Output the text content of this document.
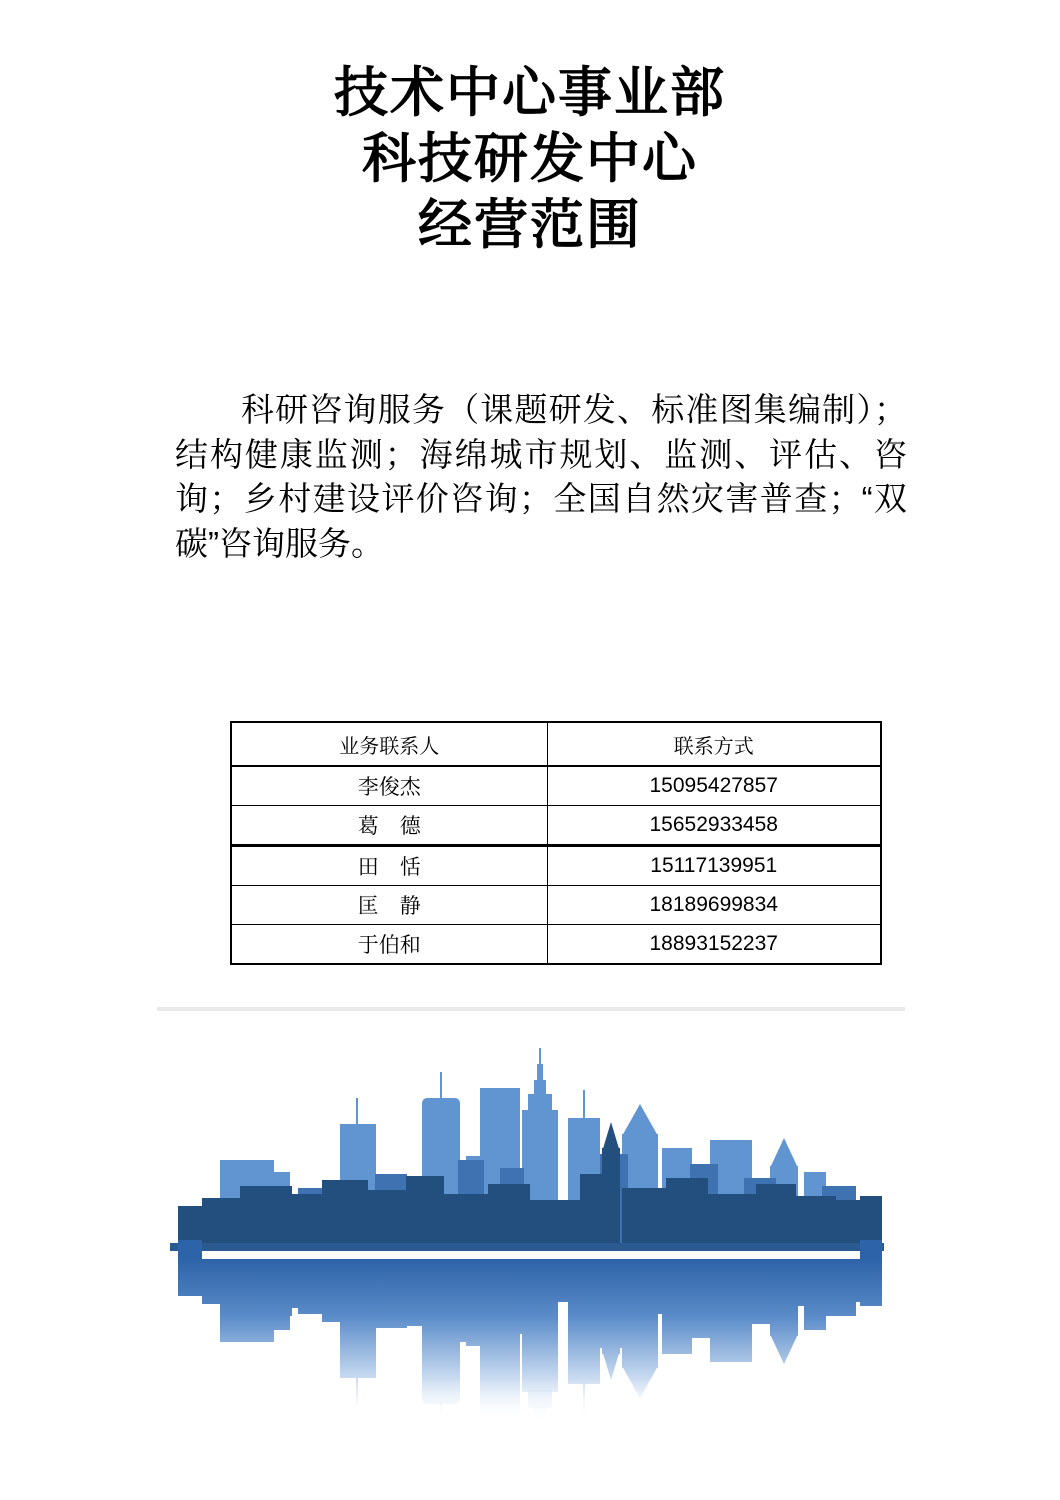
技术中心事业部
科技研发中心
经营范围

科研咨询服务（课题研发、标准图集编制）；结构健康监测；海绵城市规划、监测、评估、咨询；乡村建设评价咨询；全国自然灾害普查；“双碳”咨询服务。

业务联系人	联系方式
李俊杰	15095427857
葛　德	15652933458
田　恬	15117139951
匡　静	18189699834
于伯和	18893152237
